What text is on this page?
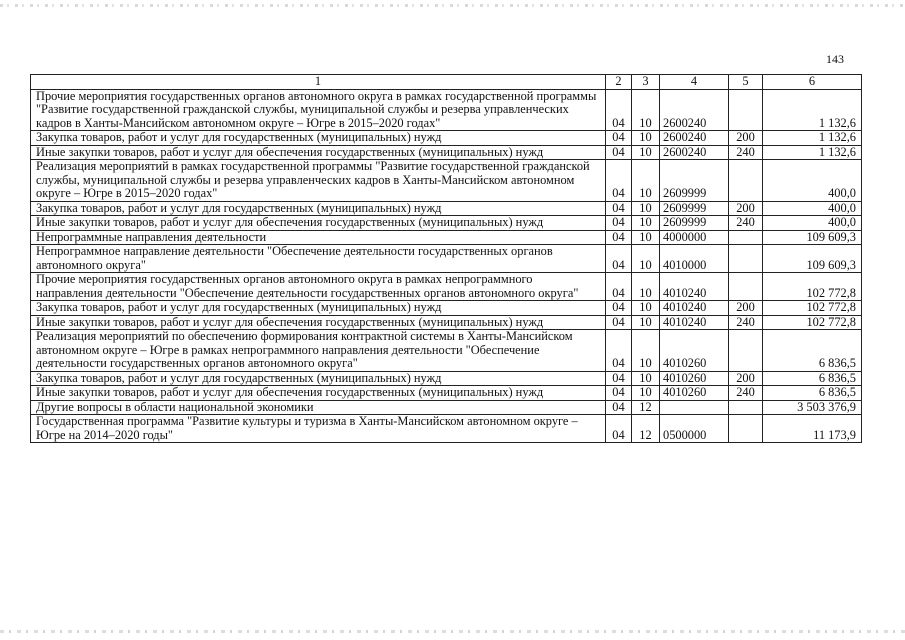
143
1	2	3	4	5	6
Прочие мероприятия государственных органов автономного округа в рамках государственной программы "Развитие государственной гражданской службы, муниципальной службы и резерва управленческих кадров в Ханты-Мансийском автономном округе – Югре в 2015–2020 годах"	04	10	2600240		1 132,6
Закупка товаров, работ и услуг для государственных (муниципальных) нужд	04	10	2600240	200	1 132,6
Иные закупки товаров, работ и услуг для обеспечения государственных (муниципальных) нужд	04	10	2600240	240	1 132,6
Реализация мероприятий в рамках государственной программы "Развитие государственной гражданской службы, муниципальной службы и резерва управленческих кадров в Ханты-Мансийском автономном округе – Югре в 2015–2020 годах"	04	10	2609999		400,0
Закупка товаров, работ и услуг для государственных (муниципальных) нужд	04	10	2609999	200	400,0
Иные закупки товаров, работ и услуг для обеспечения государственных (муниципальных) нужд	04	10	2609999	240	400,0
Непрограммные направления деятельности	04	10	4000000		109 609,3
Непрограммное направление деятельности "Обеспечение деятельности государственных органов автономного округа"	04	10	4010000		109 609,3
Прочие мероприятия государственных органов автономного округа в рамках непрограммного направления деятельности "Обеспечение деятельности государственных органов автономного округа"	04	10	4010240		102 772,8
Закупка товаров, работ и услуг для государственных (муниципальных) нужд	04	10	4010240	200	102 772,8
Иные закупки товаров, работ и услуг для обеспечения государственных (муниципальных) нужд	04	10	4010240	240	102 772,8
Реализация мероприятий по обеспечению формирования контрактной системы в Ханты-Мансийском автономном округе – Югре в рамках непрограммного направления деятельности "Обеспечение деятельности государственных органов автономного округа"	04	10	4010260		6 836,5
Закупка товаров, работ и услуг для государственных (муниципальных) нужд	04	10	4010260	200	6 836,5
Иные закупки товаров, работ и услуг для обеспечения государственных (муниципальных) нужд	04	10	4010260	240	6 836,5
Другие вопросы в области национальной экономики	04	12			3 503 376,9
Государственная программа "Развитие культуры и туризма в Ханты-Мансийском автономном округе – Югре на 2014–2020 годы"	04	12	0500000		11 173,9
